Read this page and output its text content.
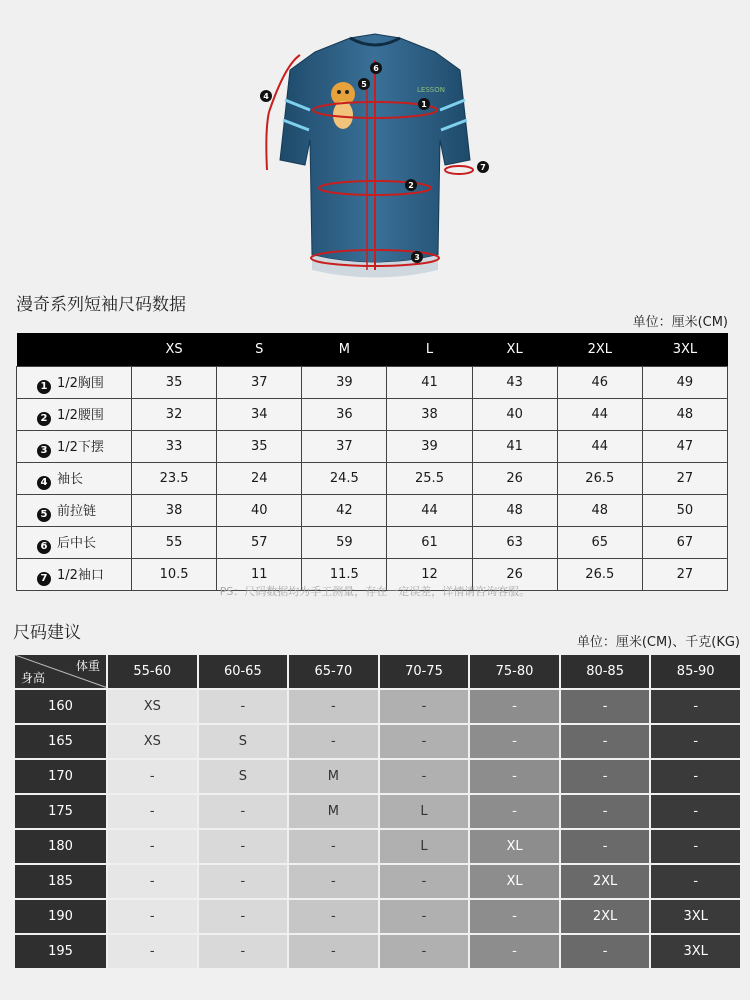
LESSON
1
2
3
4
5
6
7
漫奇系列短袖尺码数据
单位：厘米(CM)
	XS	S	M	L	XL	2XL	3XL
1 1/2胸围	35	37	39	41	43	46	49
2 1/2腰围	32	34	36	38	40	44	48
3 1/2下摆	33	35	37	39	41	44	47
4 袖长	23.5	24	24.5	25.5	26	26.5	27
5 前拉链	38	40	42	44	48	48	50
6 后中长	55	57	59	61	63	65	67
7 1/2袖口	10.5	11	11.5	12	26	26.5	27
PS：尺码数据均为手工测量，存在一定误差，详情请咨询客服。
尺码建议	单位：厘米(CM)、千克(KG)
体重
身高	55-60	60-65	65-70	70-75	75-80	80-85	85-90
160	XS	-	-	-	-	-	-
165	XS	S	-	-	-	-	-
170	-	S	M	-	-	-	-
175	-	-	M	L	-	-	-
180	-	-	-	L	XL	-	-
185	-	-	-	-	XL	2XL	-
190	-	-	-	-	-	2XL	3XL
195	-	-	-	-	-	-	3XL
